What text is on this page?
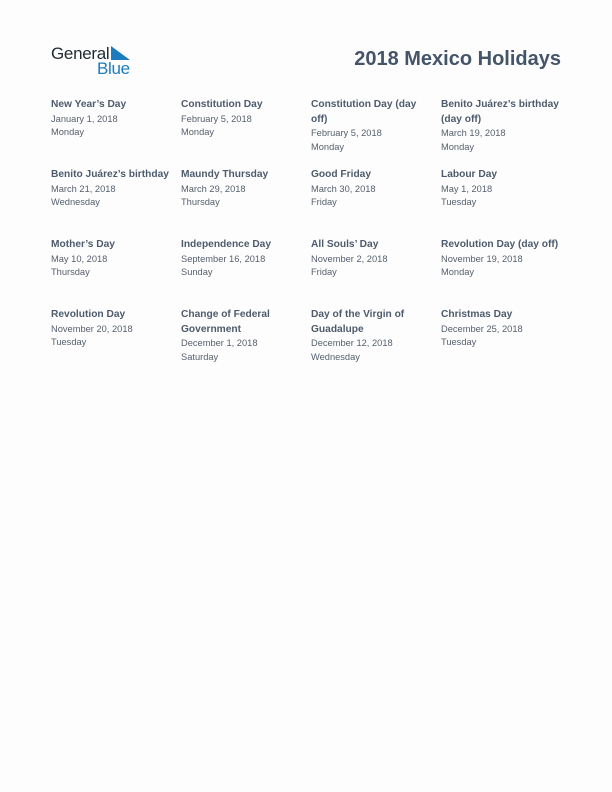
General
Blue	2018 Mexico Holidays
New Year’s Day
January 1, 2018
Monday
Constitution Day
February 5, 2018
Monday
Constitution Day (day off)
February 5, 2018
Monday
Benito Juárez’s birthday (day off)
March 19, 2018
Monday
Benito Juárez’s birthday
March 21, 2018
Wednesday
Maundy Thursday
March 29, 2018
Thursday
Good Friday
March 30, 2018
Friday
Labour Day
May 1, 2018
Tuesday
Mother’s Day
May 10, 2018
Thursday
Independence Day
September 16, 2018
Sunday
All Souls’ Day
November 2, 2018
Friday
Revolution Day (day off)
November 19, 2018
Monday
Revolution Day
November 20, 2018
Tuesday
Change of Federal Government
December 1, 2018
Saturday
Day of the Virgin of Guadalupe
December 12, 2018
Wednesday
Christmas Day
December 25, 2018
Tuesday
